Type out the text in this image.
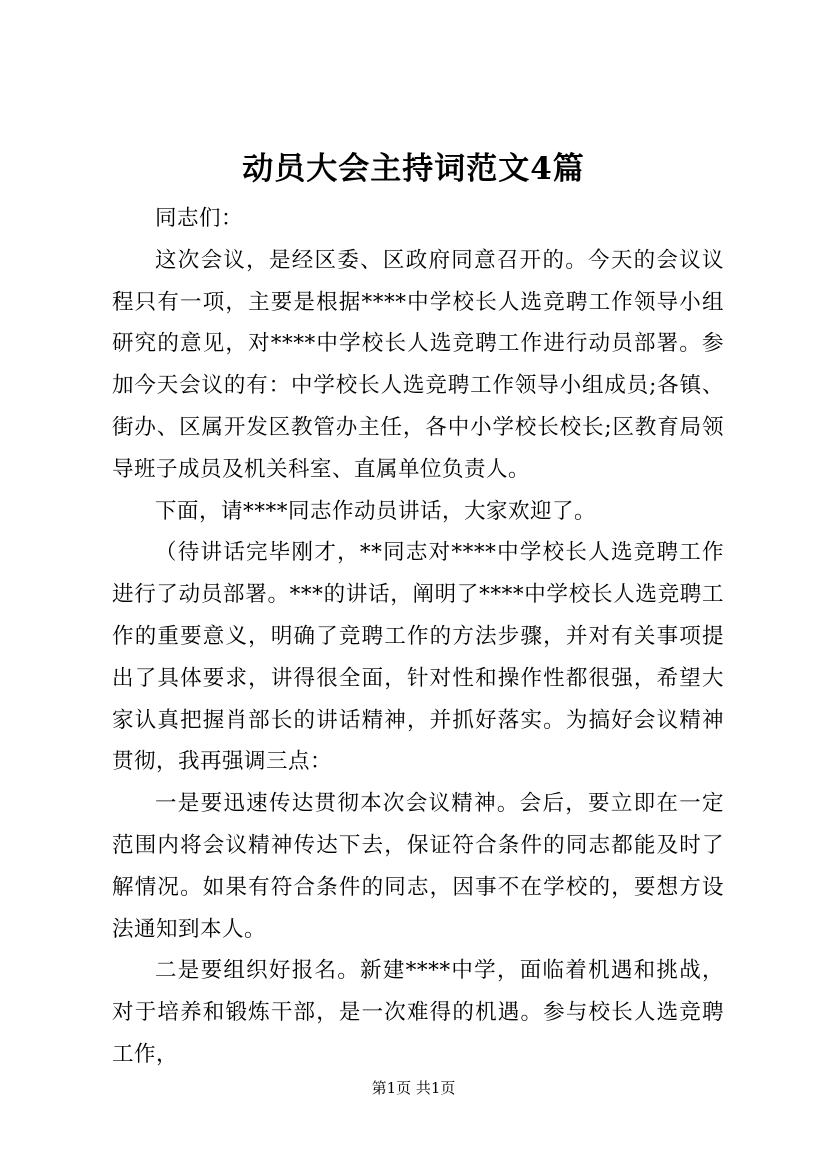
动员大会主持词范文4篇

同志们：

这次会议，是经区委、区政府同意召开的。今天的会议议程只有一项，主要是根据****中学校长人选竞聘工作领导小组研究的意见，对****中学校长人选竞聘工作进行动员部署。参加今天会议的有：中学校长人选竞聘工作领导小组成员;各镇、街办、区属开发区教管办主任，各中小学校长校长;区教育局领导班子成员及机关科室、直属单位负责人。

下面，请****同志作动员讲话，大家欢迎了。

（待讲话完毕刚才，**同志对****中学校长人选竞聘工作进行了动员部署。***的讲话，阐明了****中学校长人选竞聘工作的重要意义，明确了竞聘工作的方法步骤，并对有关事项提出了具体要求，讲得很全面，针对性和操作性都很强，希望大家认真把握肖部长的讲话精神，并抓好落实。为搞好会议精神贯彻，我再强调三点：

一是要迅速传达贯彻本次会议精神。会后，要立即在一定范围内将会议精神传达下去，保证符合条件的同志都能及时了解情况。如果有符合条件的同志，因事不在学校的，要想方设法通知到本人。

二是要组织好报名。新建****中学，面临着机遇和挑战，对于培养和锻炼干部，是一次难得的机遇。参与校长人选竞聘工作，

第1页 共1页
